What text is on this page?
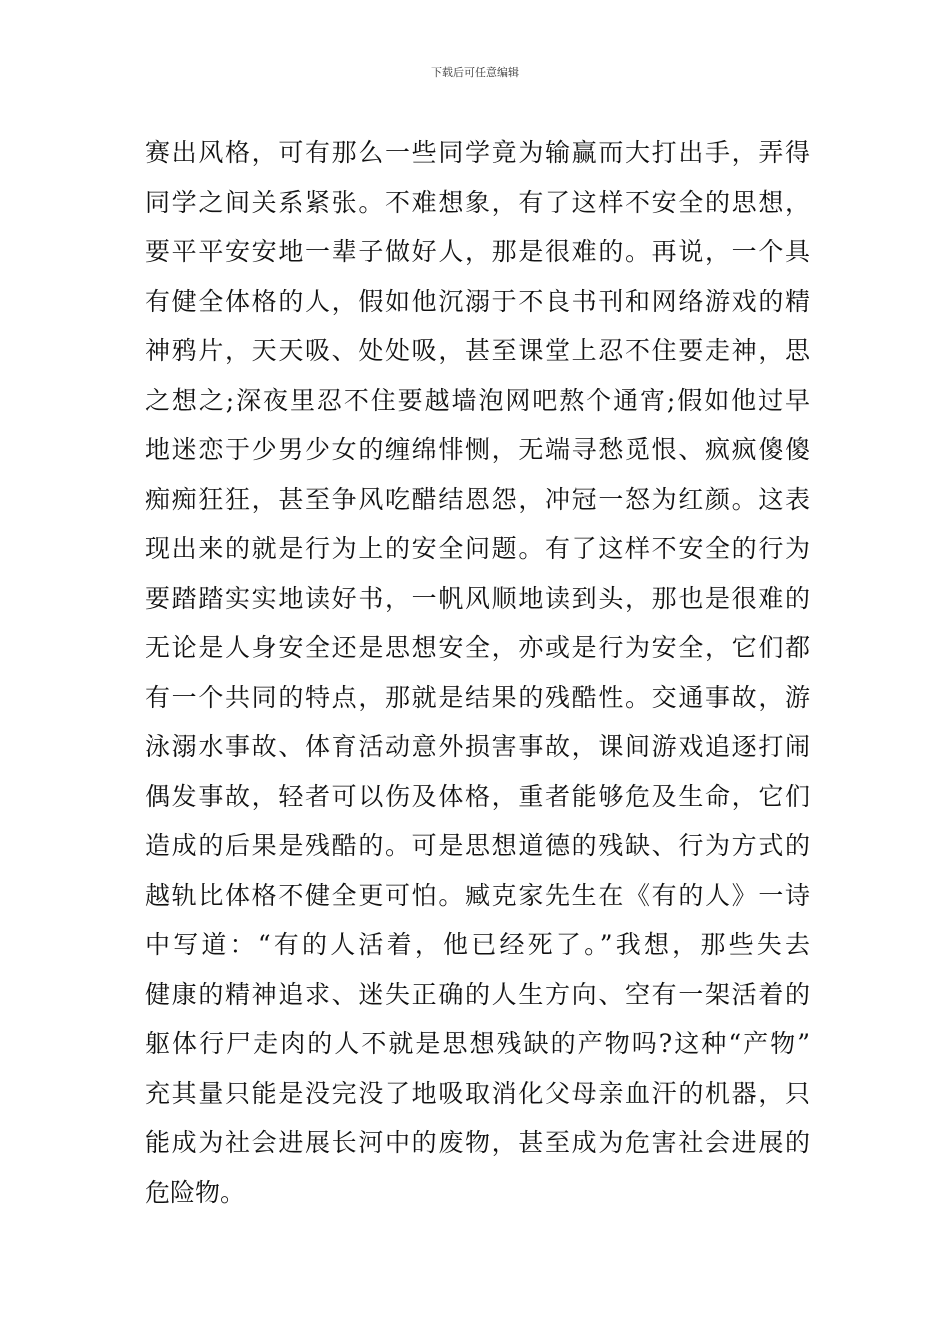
下载后可任意编辑
赛出风格，可有那么一些同学竟为输赢而大打出手，弄得
同学之间关系紧张。不难想象，有了这样不安全的思想，
要平平安安地一辈子做好人，那是很难的。再说，一个具
有健全体格的人，假如他沉溺于不良书刊和网络游戏的精
神鸦片，天天吸、处处吸，甚至课堂上忍不住要走神，思
之想之;深夜里忍不住要越墙泡网吧熬个通宵;假如他过早
地迷恋于少男少女的缠绵悱恻，无端寻愁觅恨、疯疯傻傻
痴痴狂狂，甚至争风吃醋结恩怨，冲冠一怒为红颜。这表
现出来的就是行为上的安全问题。有了这样不安全的行为
要踏踏实实地读好书，一帆风顺地读到头，那也是很难的
无论是人身安全还是思想安全，亦或是行为安全，它们都
有一个共同的特点，那就是结果的残酷性。交通事故，游
泳溺水事故、体育活动意外损害事故，课间游戏追逐打闹
偶发事故，轻者可以伤及体格，重者能够危及生命，它们
造成的后果是残酷的。可是思想道德的残缺、行为方式的
越轨比体格不健全更可怕。臧克家先生在《有的人》一诗
中写道：“有的人活着，他已经死了。”我想，那些失去
健康的精神追求、迷失正确的人生方向、空有一架活着的
躯体行尸走肉的人不就是思想残缺的产物吗?这种“产物”
充其量只能是没完没了地吸取消化父母亲血汗的机器，只
能成为社会进展长河中的废物，甚至成为危害社会进展的
危险物。
